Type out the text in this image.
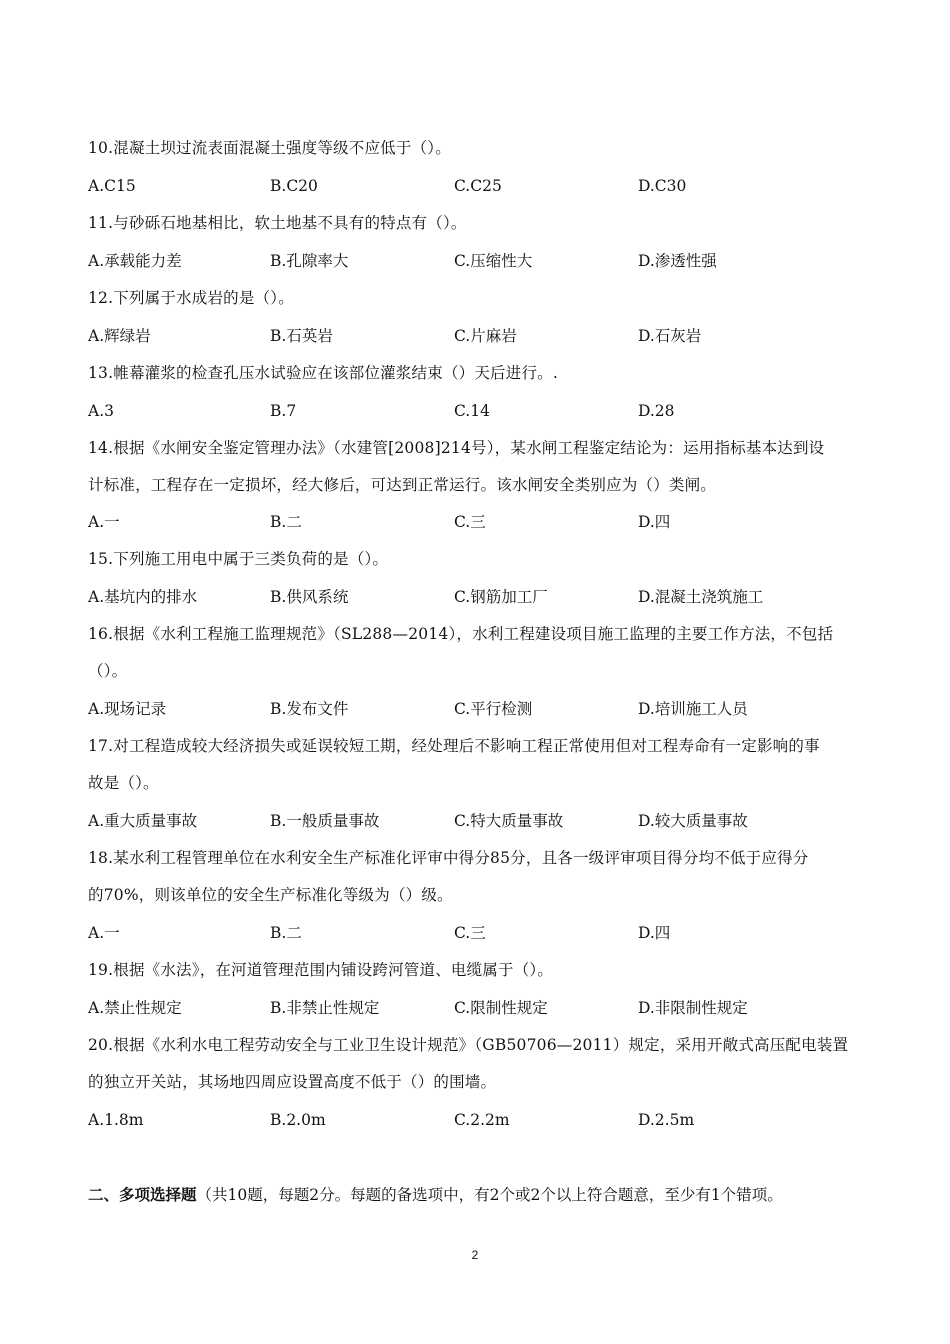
10.混凝土坝过流表面混凝土强度等级不应低于（）。
A.C15	B.C20	C.C25	D.C30
11.与砂砾石地基相比，软土地基不具有的特点有（）。
A.承载能力差	B.孔隙率大	C.压缩性大	D.渗透性强
12.下列属于水成岩的是（）。
A.辉绿岩	B.石英岩	C.片麻岩	D.石灰岩
13.帷幕灌浆的检查孔压水试验应在该部位灌浆结束（）天后进行。.
A.3	B.7	C.14	D.28
14.根据《水闸安全鉴定管理办法》（水建管[2008]214号），某水闸工程鉴定结论为：运用指标基本达到设
计标准，工程存在一定损坏，经大修后，可达到正常运行。该水闸安全类别应为（）类闸。
A.一	B.二	C.三	D.四
15.下列施工用电中属于三类负荷的是（）。
A.基坑内的排水	B.供风系统	C.钢筋加工厂	D.混凝土浇筑施工
16.根据《水利工程施工监理规范》（SL288—2014），水利工程建设项目施工监理的主要工作方法，不包括
（）。
A.现场记录	B.发布文件	C.平行检测	D.培训施工人员
17.对工程造成较大经济损失或延误较短工期，经处理后不影响工程正常使用但对工程寿命有一定影响的事
故是（）。
A.重大质量事故	B.一般质量事故	C.特大质量事故	D.较大质量事故
18.某水利工程管理单位在水利安全生产标准化评审中得分85分，且各一级评审项目得分均不低于应得分
的70%，则该单位的安全生产标准化等级为（）级。
A.一	B.二	C.三	D.四
19.根据《水法》，在河道管理范围内铺设跨河管道、电缆属于（）。
A.禁止性规定	B.非禁止性规定	C.限制性规定	D.非限制性规定
20.根据《水利水电工程劳动安全与工业卫生设计规范》（GB50706—2011）规定，采用开敞式高压配电装置
的独立开关站，其场地四周应设置高度不低于（）的围墙。
A.1.8m	B.2.0m	C.2.2m	D.2.5m
二、多项选择题（共10题，每题2分。每题的备选项中，有2个或2个以上符合题意，至少有1个错项。
2
